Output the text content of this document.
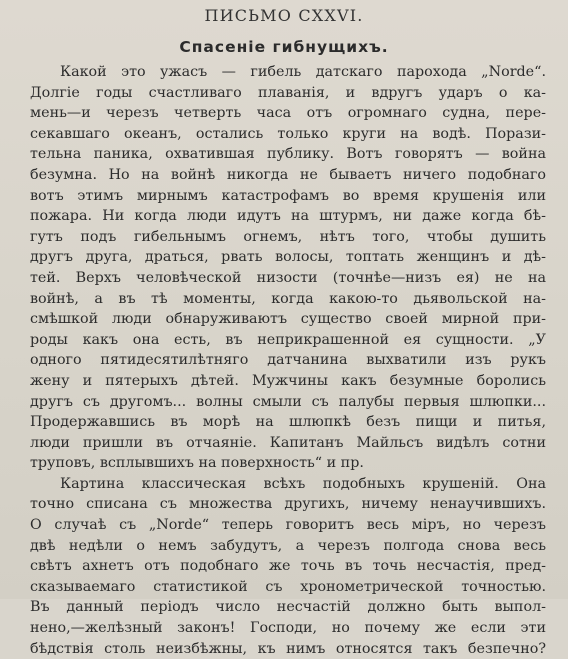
ПИСЬМО CXXVI.
Спасеніе гибнущихъ.
Какой это ужасъ — гибель датскаго парохода „Norde“.
Долгіе годы счастливаго плаванія, и вдругъ ударъ о ка-
мень—и черезъ четверть часа отъ огромнаго судна, пере-
секавшаго океанъ, остались только круги на водѣ. Порази-
тельна паника, охватившая публику. Вотъ говорятъ — война
безумна. Но на войнѣ никогда не бываетъ ничего подобнаго
вотъ этимъ мирнымъ катастрофамъ во время крушенія или
пожара. Ни когда люди идутъ на штурмъ, ни даже когда бѣ-
гутъ подъ гибельнымъ огнемъ, нѣтъ того, чтобы душить
другъ друга, драться, рвать волосы, топтать женщинъ и дѣ-
тей. Верхъ человѣческой низости (точнѣе—низъ ея) не на
войнѣ, а въ тѣ моменты, когда какою-то дьявольской на-
смѣшкой люди обнаруживаютъ существо своей мирной при-
роды какъ она есть, въ неприкрашенной ея сущности. „У
одного пятидесятилѣтняго датчанина выхватили изъ рукъ
жену и пятерыхъ дѣтей. Мужчины какъ безумные боролись
другъ съ другомъ... волны смыли съ палубы первыя шлюпки...
Продержавшись въ морѣ на шлюпкѣ безъ пищи и питья,
люди пришли въ отчаяніе. Капитанъ Майльсъ видѣлъ сотни
труповъ, всплывшихъ на поверхность“ и пр.
Картина классическая всѣхъ подобныхъ крушеній. Она
точно списана съ множества другихъ, ничему ненаучившихъ.
О случаѣ съ „Norde“ теперь говоритъ весь міръ, но черезъ
двѣ недѣли о немъ забудутъ, а черезъ полгода снова весь
свѣтъ ахнетъ отъ подобнаго же точь въ точь несчастія, пред-
сказываемаго статистикой съ хронометрической точностью.
Въ данный періодъ число несчастій должно быть выпол-
нено,—желѣзный законъ! Господи, но почему же если эти
бѣдствія столь неизбѣжны, къ нимъ относятся такъ безпечно?
